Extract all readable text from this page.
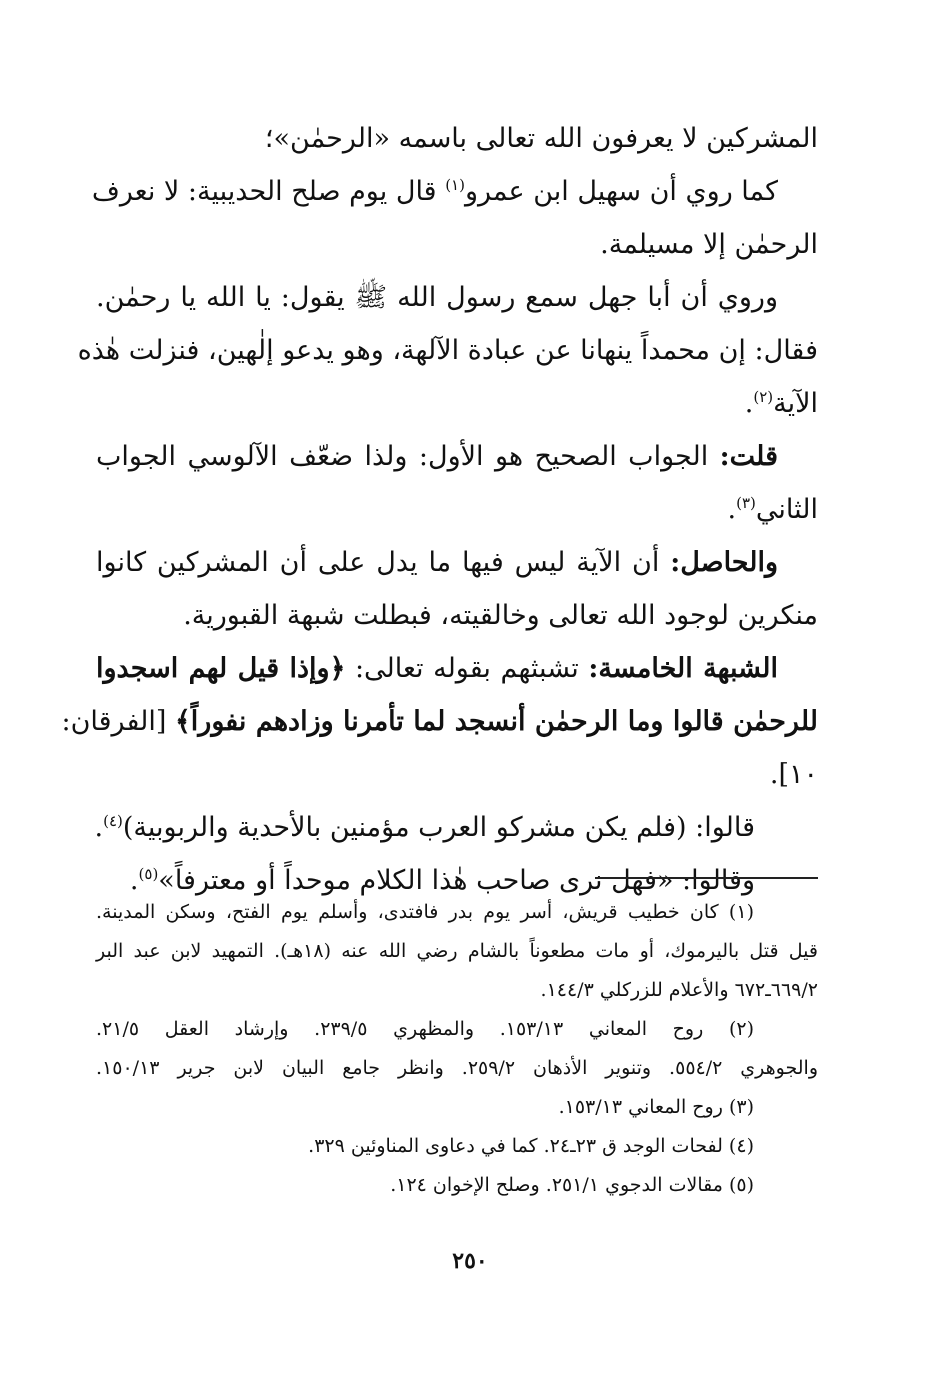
المشركين لا يعرفون الله تعالى باسمه «الرحمٰن»؛
كما روي أن سهيل ابن عمرو$^{(١)}$ قال يوم صلح الحديبية: لا نعرف
الرحمٰن إلا مسيلمة.
وروي أن أبا جهل سمع رسول الله ﷺ يقول: يا الله يا رحمٰن.
فقال: إن محمداً ينهانا عن عبادة الآلهة، وهو يدعو إلٰهين، فنزلت هٰذه
الآية$^{(٢)}$.
قلت: الجواب الصحيح هو الأول: ولذا ضعّف الآلوسي الجواب
الثاني$^{(٣)}$.
والحاصل: أن الآية ليس فيها ما يدل على أن المشركين كانوا
منكرين لوجود الله تعالى وخالقيته، فبطلت شبهة القبورية.
الشبهة الخامسة: تشبثهم بقوله تعالى: ﴿وإذا قيل لهم اسجدوا
للرحمٰن قالوا وما الرحمٰن أنسجد لما تأمرنا وزادهم نفوراً﴾ [الفرقان:
١٠].
قالوا: (فلم يكن مشركو العرب مؤمنين بالأحدية والربوبية)$^{(٤)}$.
وقالوا: «فهل نرى صاحب هٰذا الكلام موحداً أو معترفاً»$^{(٥)}$.
(١) كان خطيب قريش، أسر يوم بدر فافتدى، وأسلم يوم الفتح، وسكن المدينة.
قيل قتل باليرموك، أو مات مطعوناً بالشام رضي الله عنه (١٨هـ). التمهيد لابن عبد البر
٦٦٩/٢ـ٦٧٢ والأعلام للزركلي ١٤٤/٣.
(٢) روح المعاني ١٥٣/١٣. والمظهري ٢٣٩/٥. وإرشاد العقل ٢١/٥.
والجوهري ٥٥٤/٢. وتنوير الأذهان ٢٥٩/٢. وانظر جامع البيان لابن جرير ١٥٠/١٣.
(٣) روح المعاني ١٥٣/١٣.
(٤) لفحات الوجد ق ٢٣ـ٢٤. كما في دعاوى المناوئين ٣٢٩.
(٥) مقالات الدجوي ٢٥١/١. وصلح الإخوان ١٢٤.
٢٥٠
